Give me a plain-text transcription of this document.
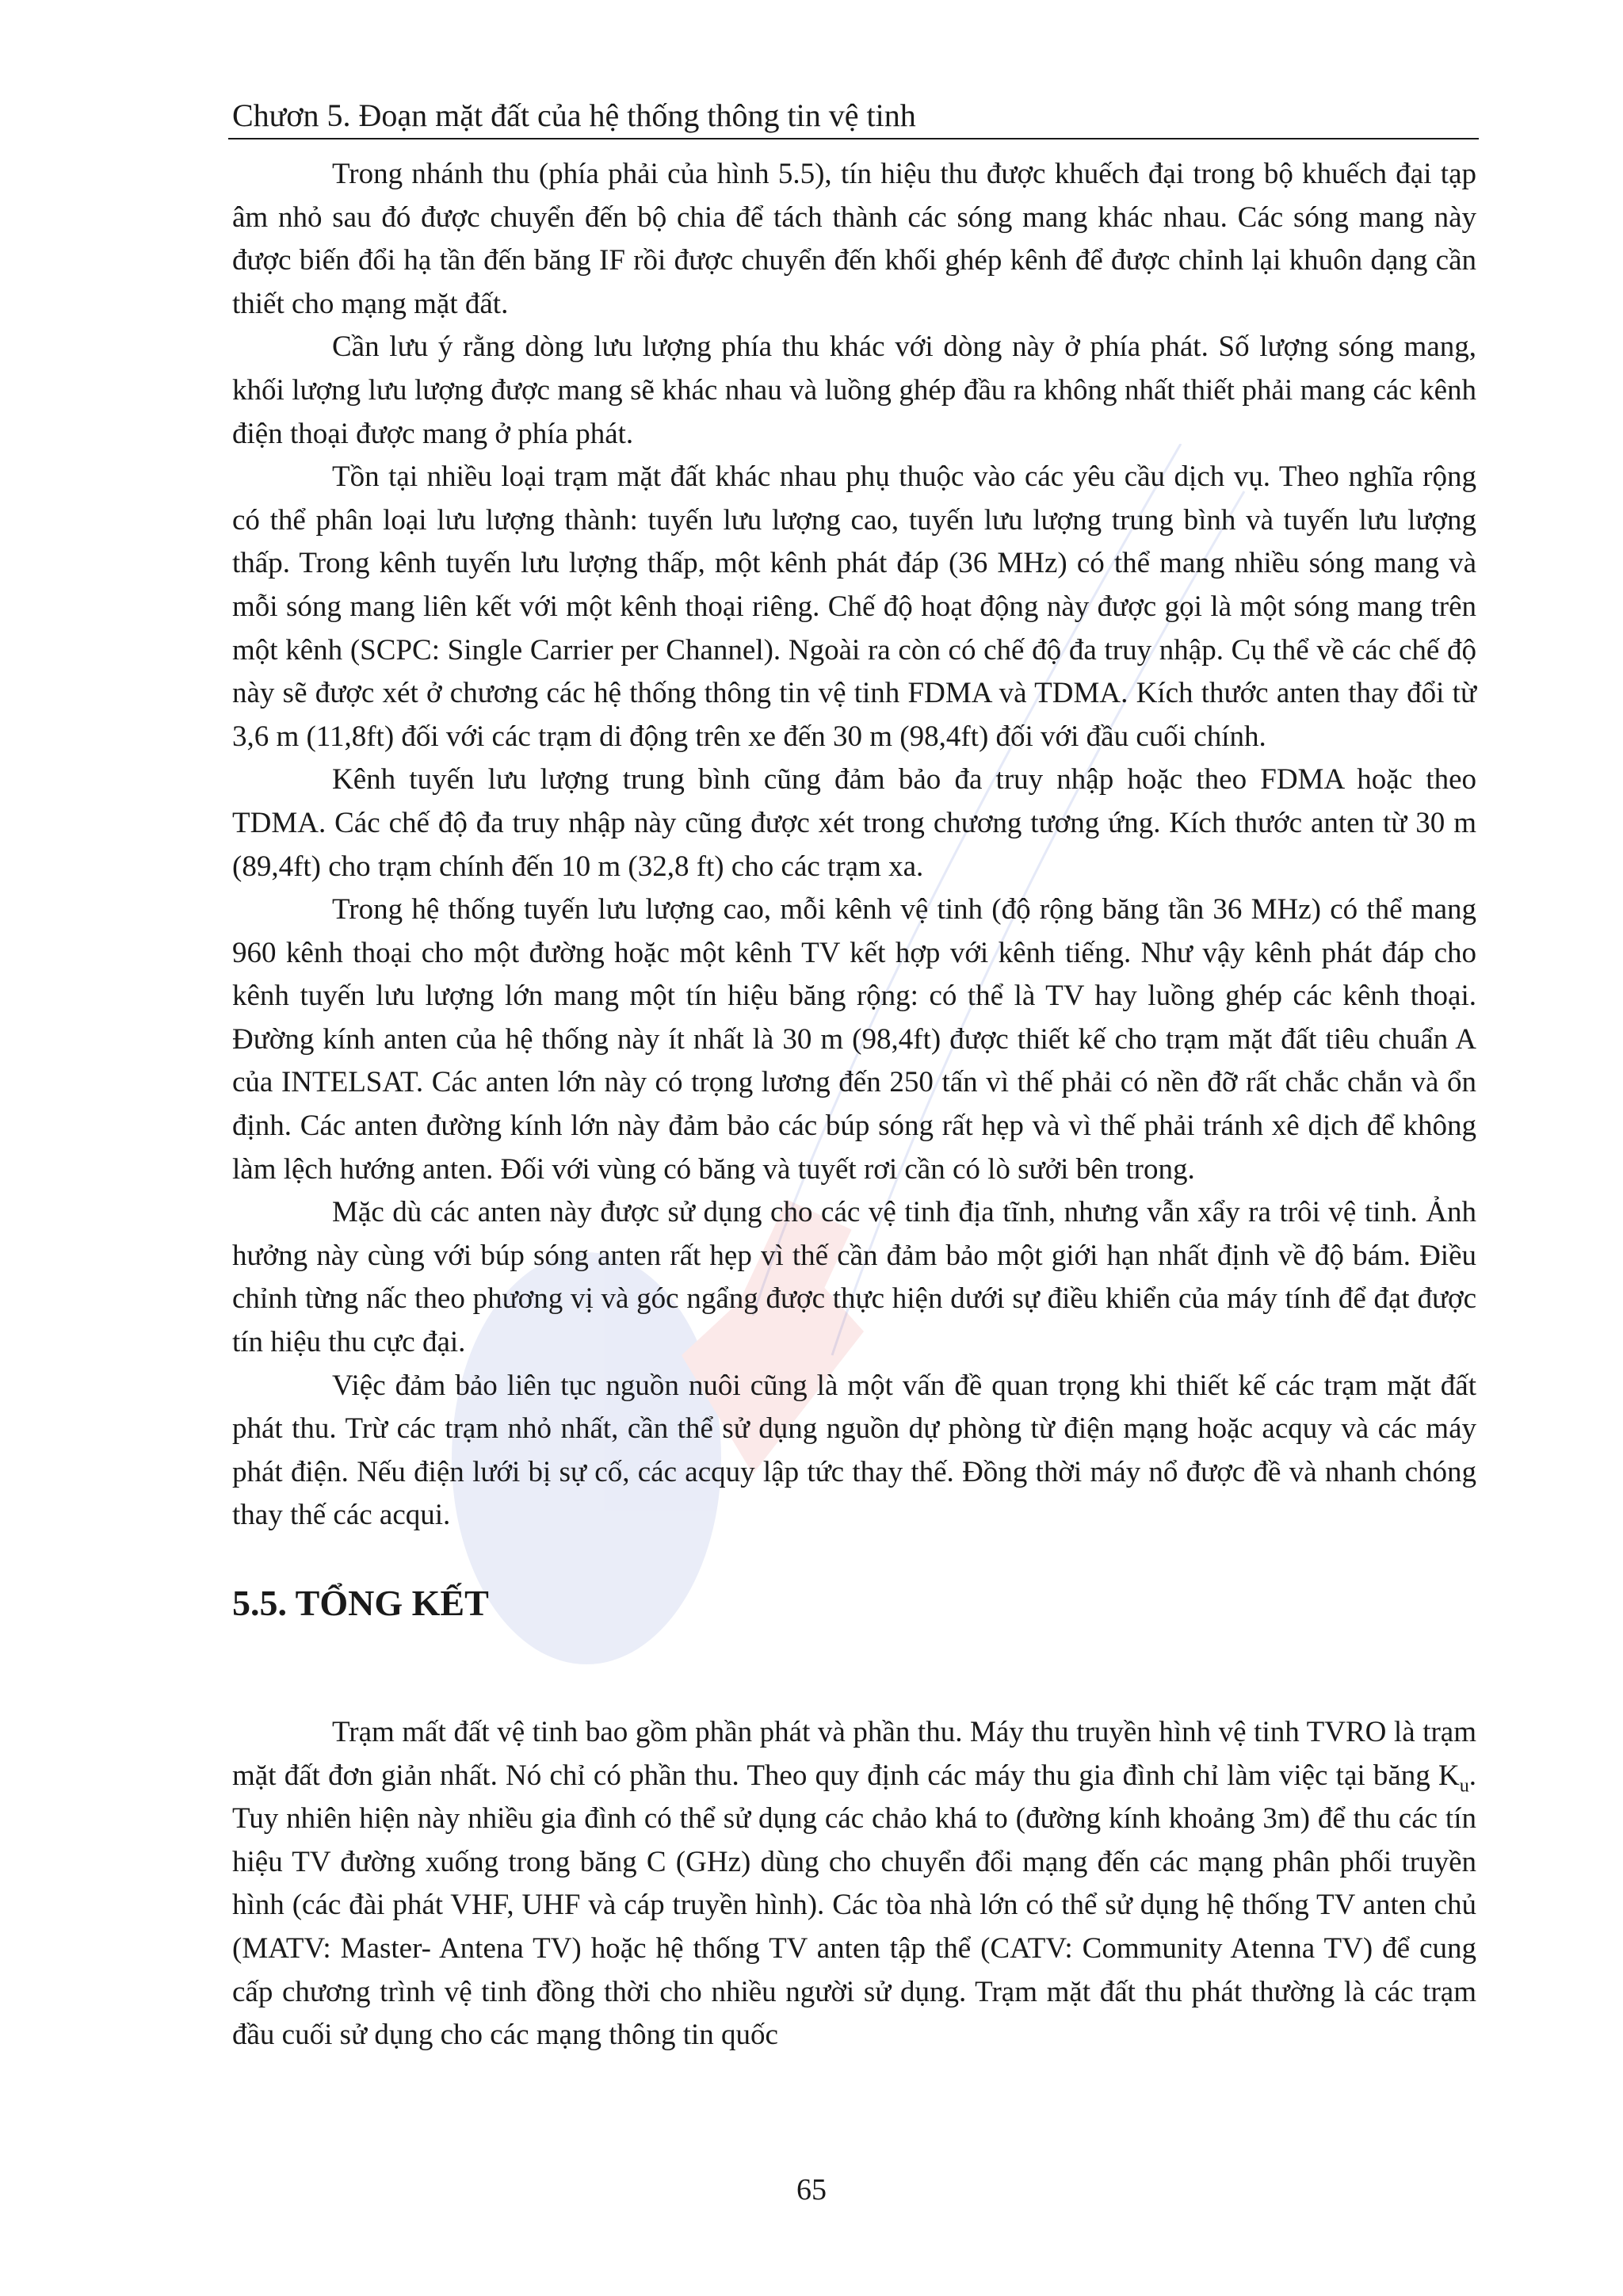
Chươn 5. Đoạn mặt đất của hệ thống thông tin vệ tinh

Trong nhánh thu (phía phải của hình 5.5), tín hiệu thu được khuếch đại trong bộ khuếch đại tạp âm nhỏ sau đó được chuyển đến bộ chia để tách thành các sóng mang khác nhau. Các sóng mang này được biến đổi hạ tần đến băng IF rồi được chuyển đến khối ghép kênh để được chỉnh lại khuôn dạng cần thiết cho mạng mặt đất.

Cần lưu ý rằng dòng lưu lượng phía thu khác với dòng này ở phía phát. Số lượng sóng mang, khối lượng lưu lượng được mang sẽ khác nhau và luồng ghép đầu ra không nhất thiết phải mang các kênh điện thoại được mang ở phía phát.

Tồn tại nhiều loại trạm mặt đất khác nhau phụ thuộc vào các yêu cầu dịch vụ. Theo nghĩa rộng có thể phân loại lưu lượng thành: tuyến lưu lượng cao, tuyến lưu lượng trung bình và tuyến lưu lượng thấp. Trong kênh tuyến lưu lượng thấp, một kênh phát đáp (36 MHz) có thể mang nhiều sóng mang và mỗi sóng mang liên kết với một kênh thoại riêng. Chế độ hoạt động này được gọi là một sóng mang trên một kênh (SCPC: Single Carrier per Channel). Ngoài ra còn có chế độ đa truy nhập. Cụ thể về các chế độ này sẽ được xét ở chương các hệ thống thông tin vệ tinh FDMA và TDMA. Kích thước anten thay đổi từ 3,6 m (11,8ft) đối với các trạm di động trên xe đến 30 m (98,4ft) đối với đầu cuối chính.

Kênh tuyến lưu lượng trung bình cũng đảm bảo đa truy nhập hoặc theo FDMA hoặc theo TDMA. Các chế độ đa truy nhập này cũng được xét trong chương tương ứng. Kích thước anten từ 30 m (89,4ft) cho trạm chính đến 10 m (32,8 ft) cho các trạm xa.

Trong hệ thống tuyến lưu lượng cao, mỗi kênh vệ tinh (độ rộng băng tần 36 MHz) có thể mang 960 kênh thoại cho một đường hoặc một kênh TV kết hợp với kênh tiếng. Như vậy kênh phát đáp cho kênh tuyến lưu lượng lớn mang một tín hiệu băng rộng: có thể là TV hay luồng ghép các kênh thoại. Đường kính anten của hệ thống này ít nhất là 30 m (98,4ft) được thiết kế cho trạm mặt đất tiêu chuẩn A của INTELSAT. Các anten lớn này có trọng lương đến 250 tấn vì thế phải có nền đỡ rất chắc chắn và ổn định. Các anten đường kính lớn này đảm bảo các búp sóng rất hẹp và vì thế phải tránh xê dịch để không làm lệch hướng anten. Đối với vùng có băng và tuyết rơi cần có lò sưởi bên trong.

Mặc dù các anten này được sử dụng cho các vệ tinh địa tĩnh, nhưng vẫn xẩy ra trôi vệ tinh. Ảnh hưởng này cùng với búp sóng anten rất hẹp vì thế cần đảm bảo một giới hạn nhất định về độ bám. Điều chỉnh từng nấc theo phương vị và góc ngẩng được thực hiện dưới sự điều khiển của máy tính để đạt được tín hiệu thu cực đại.

Việc đảm bảo liên tục nguồn nuôi cũng là một vấn đề quan trọng khi thiết kế các trạm mặt đất phát thu. Trừ các trạm nhỏ nhất, cần thể sử dụng nguồn dự phòng từ điện mạng hoặc acquy và các máy phát điện. Nếu điện lưới bị sự cố, các acquy lập tức thay thế. Đồng thời máy nổ được đề và nhanh chóng thay thế các acqui.

5.5. TỔNG KẾT

Trạm mất đất vệ tinh bao gồm phần phát và phần thu. Máy thu truyền hình vệ tinh TVRO là trạm mặt đất đơn giản nhất. Nó chỉ có phần thu. Theo quy định các máy thu gia đình chỉ làm việc tại băng $K_u$. Tuy nhiên hiện này nhiều gia đình có thể sử dụng các chảo khá to (đường kính khoảng 3m) để thu các tín hiệu TV đường xuống trong băng C (GHz) dùng cho chuyển đổi mạng đến các mạng phân phối truyền hình (các đài phát VHF, UHF và cáp truyền hình). Các tòa nhà lớn có thể sử dụng hệ thống TV anten chủ (MATV: Master- Antena TV) hoặc hệ thống TV anten tập thể (CATV: Community Atenna TV) để cung cấp chương trình vệ tinh đồng thời cho nhiều người sử dụng. Trạm mặt đất thu phát thường là các trạm đầu cuối sử dụng cho các mạng thông tin quốc

65
